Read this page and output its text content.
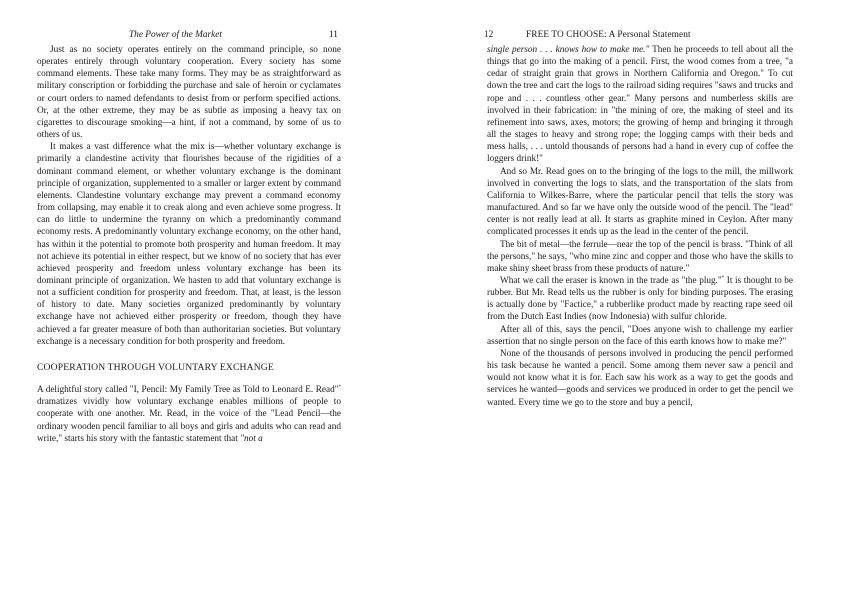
The Power of the Market	11

Just as no society operates entirely on the command principle, so none operates entirely through voluntary cooperation. Every society has some command elements. These take many forms. They may be as straightforward as military conscription or forbidding the purchase and sale of heroin or cyclamates or court orders to named defendants to desist from or perform specified actions. Or, at the other extreme, they may be as subtle as imposing a heavy tax on cigarettes to discourage smoking—a hint, if not a command, by some of us to others of us.

It makes a vast difference what the mix is—whether voluntary exchange is primarily a clandestine activity that flourishes because of the rigidities of a dominant command element, or whether voluntary exchange is the dominant principle of organization, supplemented to a smaller or larger extent by command elements. Clandestine voluntary exchange may prevent a command economy from collapsing, may enable it to creak along and even achieve some progress. It can do little to undermine the tyranny on which a predominantly command economy rests. A predominantly voluntary exchange economy, on the other hand, has within it the potential to promote both prosperity and human freedom. It may not achieve its potential in either respect, but we know of no society that has ever achieved prosperity and freedom unless voluntary exchange has been its dominant principle of organization. We hasten to add that voluntary exchange is not a sufficient condition for prosperity and freedom. That, at least, is the lesson of history to date. Many societies organized predominantly by voluntary exchange have not achieved either prosperity or freedom, though they have achieved a far greater measure of both than authoritarian societies. But voluntary exchange is a necessary condition for both prosperity and freedom.

COOPERATION THROUGH VOLUNTARY EXCHANGE

A delightful story called "I, Pencil: My Family Tree as Told to Leonard E. Read"* dramatizes vividly how voluntary exchange enables millions of people to cooperate with one another. Mr. Read, in the voice of the "Lead Pencil—the ordinary wooden pencil familiar to all boys and girls and adults who can read and write," starts his story with the fantastic statement that "not a

12	FREE TO CHOOSE: A Personal Statement

single person . . . knows how to make me." Then he proceeds to tell about all the things that go into the making of a pencil. First, the wood comes from a tree, "a cedar of straight grain that grows in Northern California and Oregon." To cut down the tree and cart the logs to the railroad siding requires "saws and trucks and rope and . . . countless other gear." Many persons and numberless skills are involved in their fabrication: in "the mining of ore, the making of steel and its refinement into saws, axes, motors; the growing of hemp and bringing it through all the stages to heavy and strong rope; the logging camps with their beds and mess halls, . . . untold thousands of persons had a hand in every cup of coffee the loggers drink!"

And so Mr. Read goes on to the bringing of the logs to the mill, the millwork involved in converting the logs to slats, and the transportation of the slats from California to Wilkes-Barre, where the particular pencil that tells the story was manufactured. And so far we have only the outside wood of the pencil. The "lead" center is not really lead at all. It starts as graphite mined in Ceylon. After many complicated processes it ends up as the lead in the center of the pencil.

The bit of metal—the ferrule—near the top of the pencil is brass. "Think of all the persons," he says, "who mine zinc and copper and those who have the skills to make shiny sheet brass from these products of nature."

What we call the eraser is known in the trade as "the plug."* It is thought to be rubber. But Mr. Read tells us the rubber is only for binding purposes. The erasing is actually done by "Factice," a rubberlike product made by reacting rape seed oil from the Dutch East Indies (now Indonesia) with sulfur chloride.

After all of this, says the pencil, "Does anyone wish to challenge my earlier assertion that no single person on the face of this earth knows how to make me?"

None of the thousands of persons involved in producing the pencil performed his task because he wanted a pencil. Some among them never saw a pencil and would not know what it is for. Each saw his work as a way to get the goods and services he wanted—goods and services we produced in order to get the pencil we wanted. Every time we go to the store and buy a pencil,
